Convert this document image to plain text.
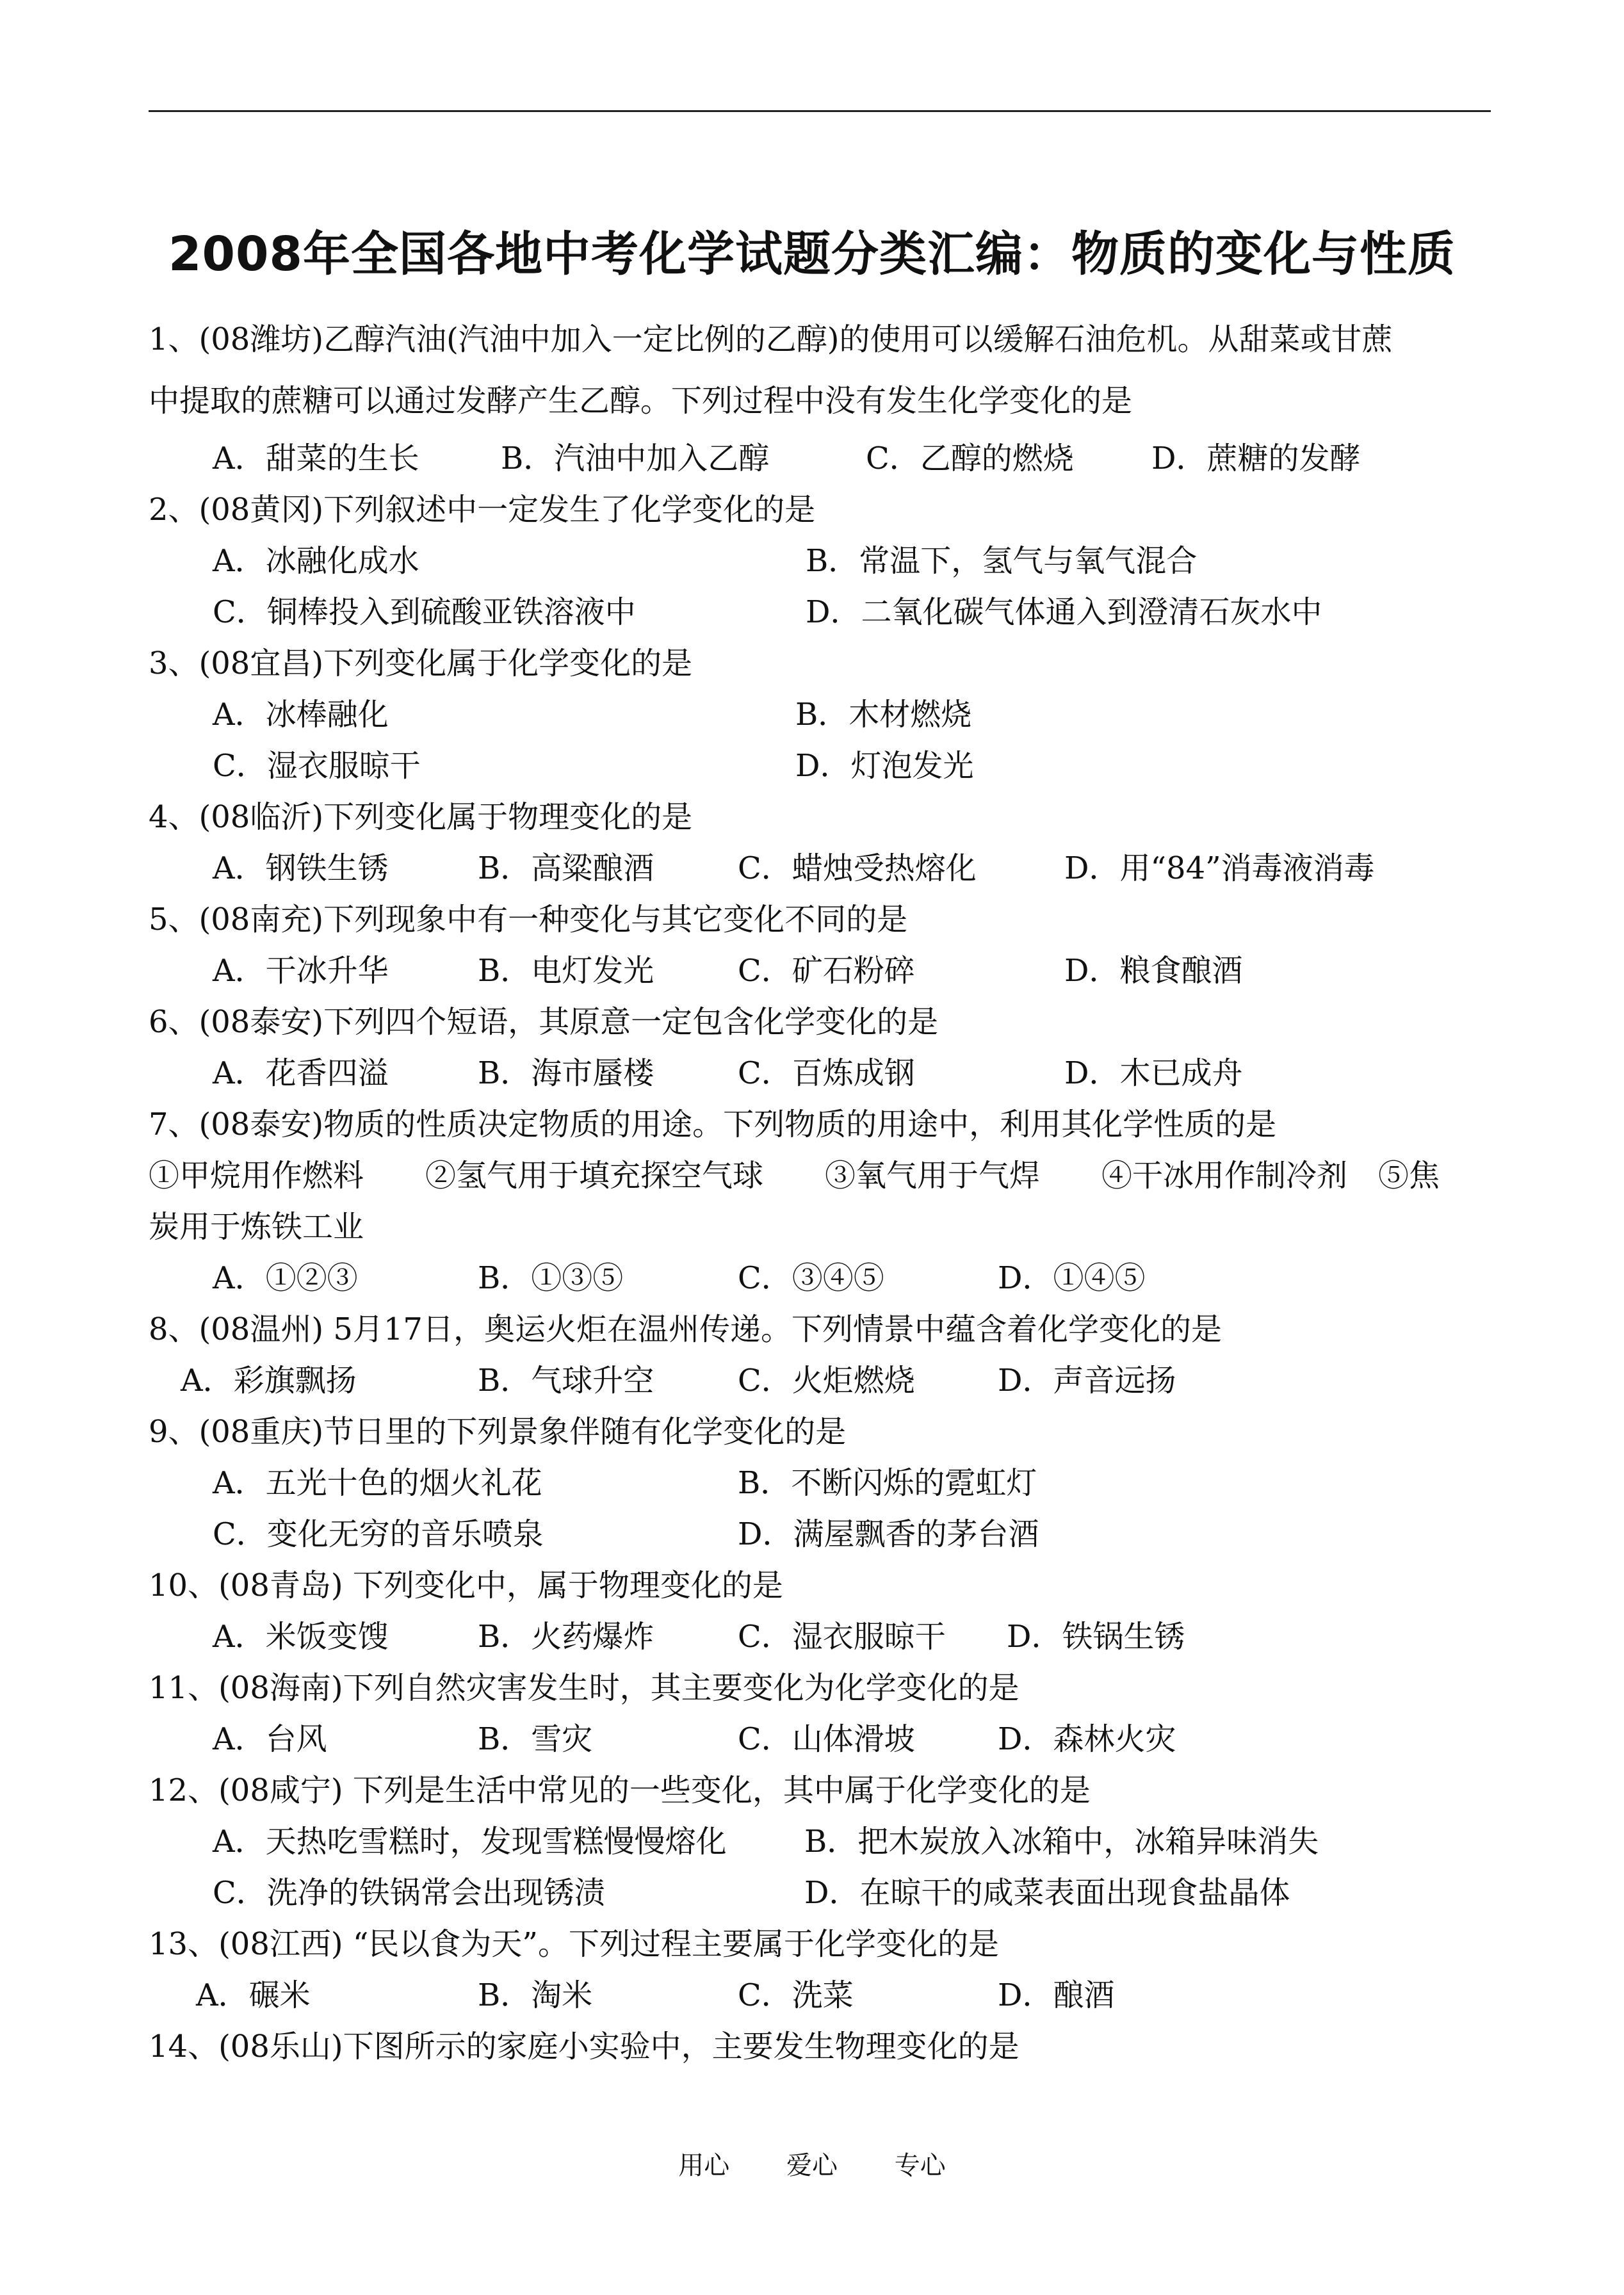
2008年全国各地中考化学试题分类汇编：物质的变化与性质
1、(08潍坊)乙醇汽油(汽油中加入一定比例的乙醇)的使用可以缓解石油危机。从甜菜或甘蔗
中提取的蔗糖可以通过发酵产生乙醇。下列过程中没有发生化学变化的是
A．甜菜的生长	B．汽油中加入乙醇	C．乙醇的燃烧	D．蔗糖的发酵
2、(08黄冈)下列叙述中一定发生了化学变化的是
A．冰融化成水	B．常温下，氢气与氧气混合
C．铜棒投入到硫酸亚铁溶液中	D．二氧化碳气体通入到澄清石灰水中
3、(08宜昌)下列变化属于化学变化的是
A．冰棒融化	B．木材燃烧
C．湿衣服晾干	D．灯泡发光
4、(08临沂)下列变化属于物理变化的是
A．钢铁生锈	B．高粱酿酒	C．蜡烛受热熔化	D．用“84”消毒液消毒
5、(08南充)下列现象中有一种变化与其它变化不同的是
A．干冰升华	B．电灯发光	C．矿石粉碎	D．粮食酿酒
6、(08泰安)下列四个短语，其原意一定包含化学变化的是
A．花香四溢	B．海市蜃楼	C．百炼成钢	D．木已成舟
7、(08泰安)物质的性质决定物质的用途。下列物质的用途中，利用其化学性质的是
①甲烷用作燃料　　②氢气用于填充探空气球　　③氧气用于气焊　　④干冰用作制冷剂　⑤焦
炭用于炼铁工业
A．①②③	B．①③⑤	C．③④⑤	D．①④⑤
8、(08温州) 5月17日，奥运火炬在温州传递。下列情景中蕴含着化学变化的是
A．彩旗飘扬	B．气球升空	C．火炬燃烧	D．声音远扬
9、(08重庆)节日里的下列景象伴随有化学变化的是
A．五光十色的烟火礼花	B．不断闪烁的霓虹灯
C．变化无穷的音乐喷泉	D．满屋飘香的茅台酒
10、(08青岛) 下列变化中，属于物理变化的是
A．米饭变馊	B．火药爆炸	C．湿衣服晾干 D．铁锅生锈
11、(08海南)下列自然灾害发生时，其主要变化为化学变化的是
A．台风	B．雪灾	C．山体滑坡	D．森林火灾
12、(08咸宁) 下列是生活中常见的一些变化，其中属于化学变化的是
A．天热吃雪糕时，发现雪糕慢慢熔化	B．把木炭放入冰箱中，冰箱异味消失
C．洗净的铁锅常会出现锈渍	D．在晾干的咸菜表面出现食盐晶体
13、(08江西) “民以食为天”。下列过程主要属于化学变化的是
A．碾米	B．淘米	C．洗菜	D．酿酒
14、(08乐山)下图所示的家庭小实验中，主要发生物理变化的是
用心 爱心 专心
